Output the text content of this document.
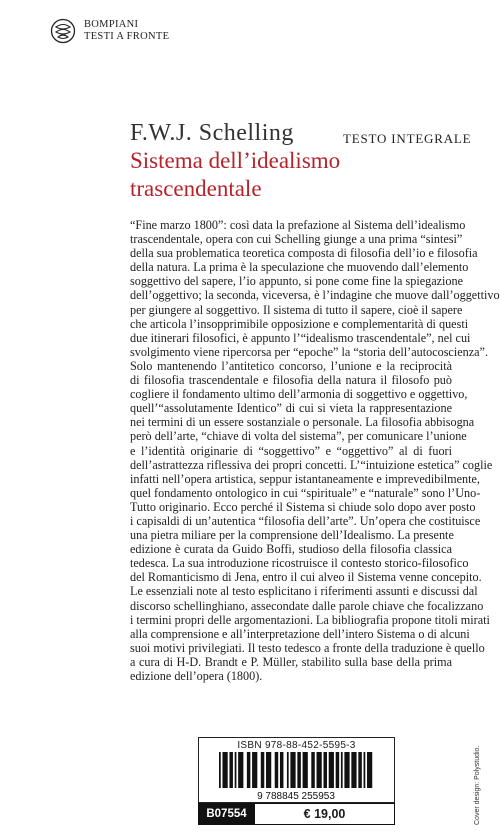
BOMPIANI
TESTI A FRONTE
F.W.J. Schelling	TESTO INTEGRALE
Sistema dell’idealismo
trascendentale
“Fine marzo 1800”: così data la prefazione al Sistema dell’idealismo
trascendentale, opera con cui Schelling giunge a una prima “sintesi”
della sua problematica teoretica composta di filosofia dell’io e filosofia
della natura. La prima è la speculazione che muovendo dall’elemento
soggettivo del sapere, l’io appunto, si pone come fine la spiegazione
dell’oggettivo; la seconda, viceversa, è l’indagine che muove dall’oggettivo
per giungere al soggettivo. Il sistema di tutto il sapere, cioè il sapere
che articola l’insopprimibile opposizione e complementarità di questi
due itinerari filosofici, è appunto l’“idealismo trascendentale”, nel cui
svolgimento viene ripercorsa per “epoche” la “storia dell’autocoscienza”.
Solo mantenendo l’antitetico concorso, l’unione e la reciprocità
di filosofia trascendentale e filosofia della natura il filosofo può
cogliere il fondamento ultimo dell’armonia di soggettivo e oggettivo,
quell’“assolutamente Identico” di cui si vieta la rappresentazione
nei termini di un essere sostanziale o personale. La filosofia abbisogna
però dell’arte, “chiave di volta del sistema”, per comunicare l’unione
e l’identità originarie di “soggettivo” e “oggettivo” al di fuori
dell’astrattezza riflessiva dei propri concetti. L’“intuizione estetica” coglie
infatti nell’opera artistica, seppur istantaneamente e imprevedibilmente,
quel fondamento ontologico in cui “spirituale” e “naturale” sono l’Uno-
Tutto originario. Ecco perché il Sistema si chiude solo dopo aver posto
i capisaldi di un’autentica “filosofia dell’arte”. Un’opera che costituisce
una pietra miliare per la comprensione dell’Idealismo. La presente
edizione è curata da Guido Boffi, studioso della filosofia classica
tedesca. La sua introduzione ricostruisce il contesto storico-filosofico
del Romanticismo di Jena, entro il cui alveo il Sistema venne concepito.
Le essenziali note al testo esplicitano i riferimenti assunti e discussi dal
discorso schellinghiano, assecondate dalle parole chiave che focalizzano
i termini propri delle argomentazioni. La bibliografia propone titoli mirati
alla comprensione e all’interpretazione dell’intero Sistema o di alcuni
suoi motivi privilegiati. Il testo tedesco a fronte della traduzione è quello
a cura di H-D. Brandt e P. Müller, stabilito sulla base della prima
edizione dell’opera (1800).
ISBN 978-88-452-5595-3
9 788845 255953
B07554	€ 19,00	Cover design: Polystudio.
